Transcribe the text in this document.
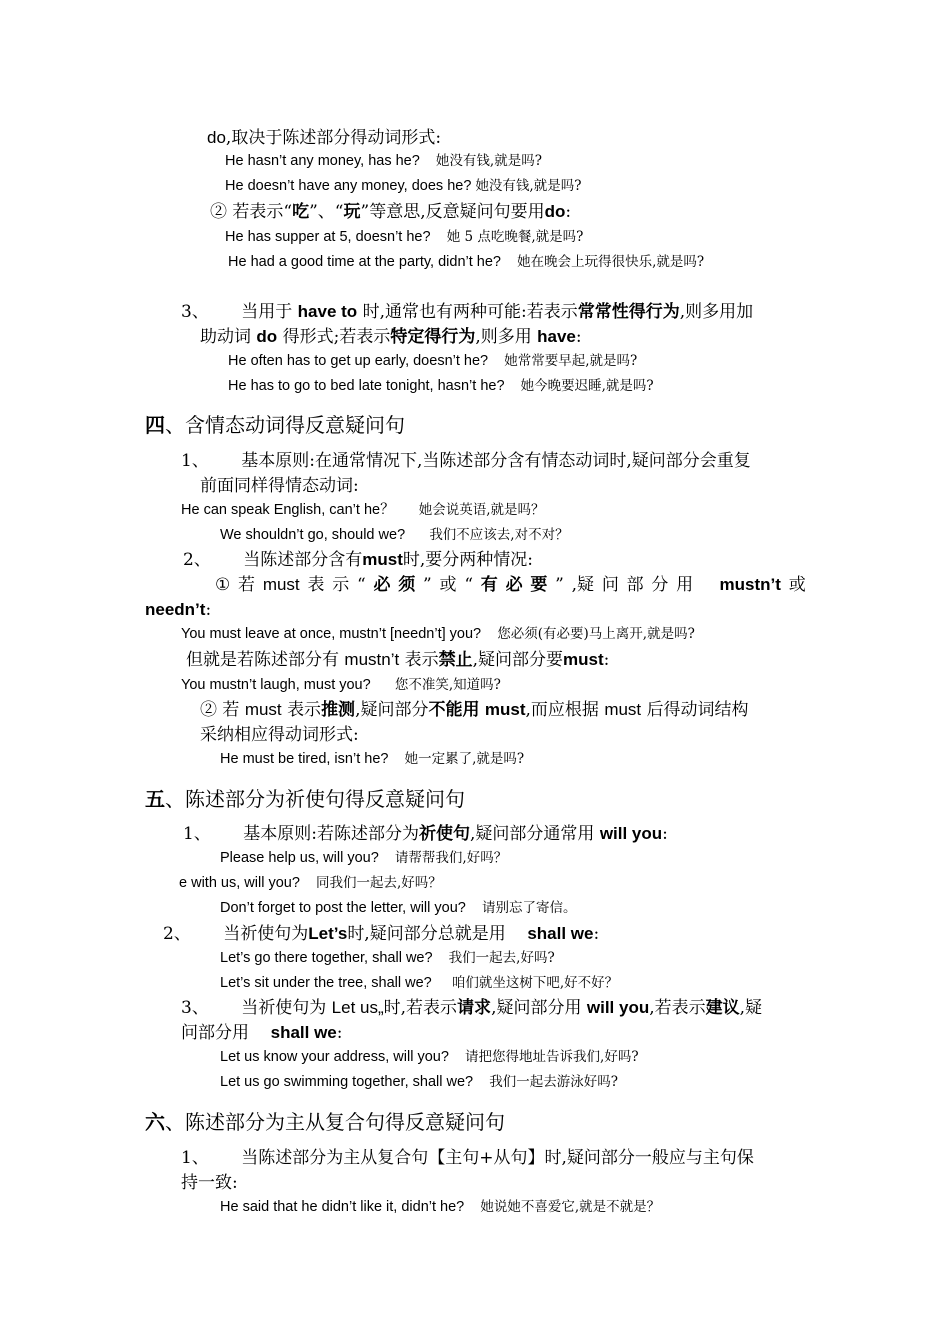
do,取决于陈述部分得动词形式:
He hasn’t any money, has he? 她没有钱,就是吗?
He doesn’t have any money, does he? 她没有钱,就是吗?
② 若表示“吃”、“玩”等意思,反意疑问句要用do:
He has supper at 5, doesn’t he? 她 5 点吃晚餐,就是吗?
He had a good time at the party, didn’t he? 她在晚会上玩得很快乐,就是吗?
3、 当用于 have to 时,通常也有两种可能:若表示常常性得行为,则多用加
助动词 do 得形式;若表示特定得行为,则多用 have:
He often has to get up early, doesn’t he? 她常常要早起,就是吗?
He has to go to bed late tonight, hasn’t he? 她今晚要迟睡,就是吗?
四、含情态动词得反意疑问句
1、 基本原则:在通常情况下,当陈述部分含有情态动词时,疑问部分会重复
前面同样得情态动词:
He can speak English, can’t he？ 她会说英语,就是吗？
We shouldn’t go, should we? 我们不应该去,对不对？
2、 当陈述部分含有must时,要分两种情况:
① 若 must 表 示 “ 必 须 ” 或 “ 有 必 要 ” ,疑 问 部 分 用
mustn’t 或
needn’t:
You must leave at once, mustn’t [needn’t] you? 您必须(有必要)马上离开,就是吗?
但就是若陈述部分有 mustn’t 表示禁止,疑问部分要must:
You mustn’t laugh, must you? 您不准笑,知道吗?
② 若 must 表示推测,疑问部分不能用 must,而应根据 must 后得动词结构
采纳相应得动词形式:
He must be tired, isn’t he? 她一定累了,就是吗?
五、陈述部分为祈使句得反意疑问句
1、 基本原则:若陈述部分为祈使句,疑问部分通常用 will you:
Please help us, will you? 请帮帮我们,好吗？
e with us, will you? 同我们一起去,好吗？
Don’t forget to post the letter, will you? 请别忘了寄信。
2、 当祈使句为Let’s时,疑问部分总就是用 shall we:
Let’s go there together, shall we? 我们一起去,好吗?
Let’s sit under the tree, shall we? 咱们就坐这树下吧,好不好？
3、 当祈使句为 Let us„时,若表示请求,疑问部分用 will you,若表示建议,疑
问部分用 shall we:
Let us know your address, will you? 请把您得地址告诉我们,好吗?
Let us go swimming together, shall we? 我们一起去游泳好吗?
六、陈述部分为主从复合句得反意疑问句
1、 当陈述部分为主从复合句【主句+从句】时,疑问部分一般应与主句保
持一致:
He said that he didn’t like it, didn’t he? 她说她不喜爱它,就是不就是？
